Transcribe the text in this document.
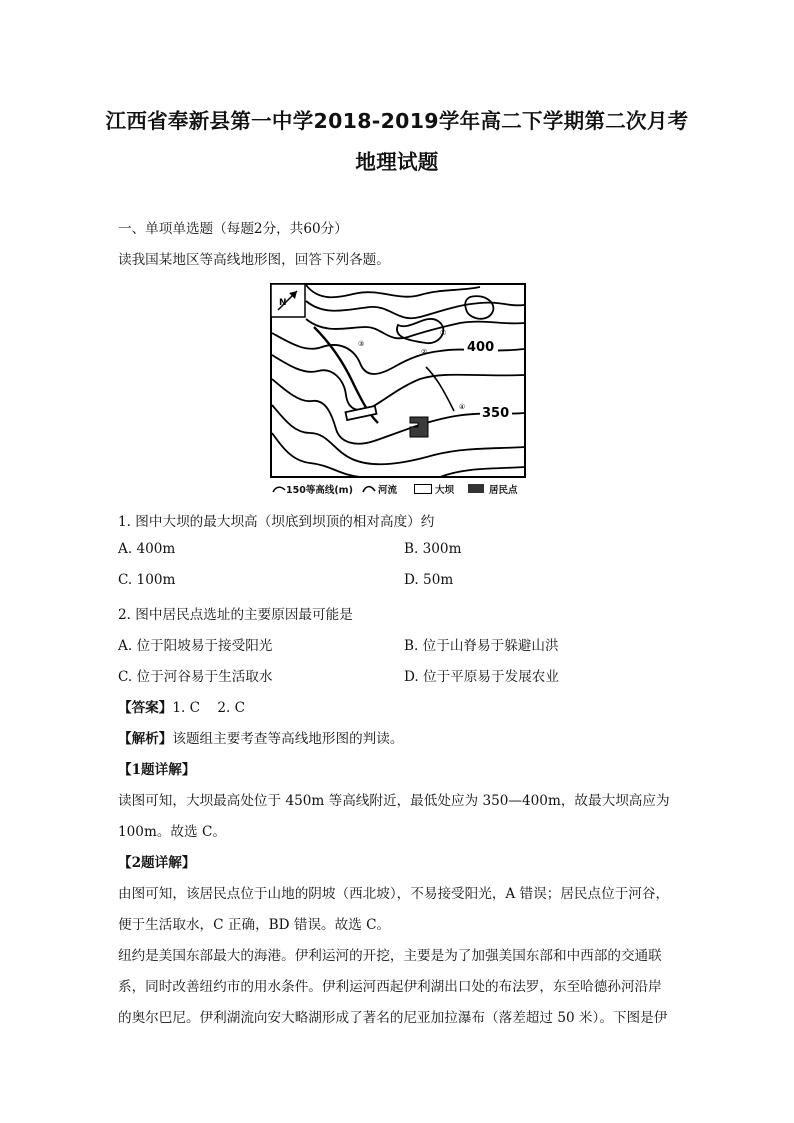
江西省奉新县第一中学2018-2019学年高二下学期第二次月考
地理试题
一、单项单选题（每题2分，共60分）
读我国某地区等高线地形图，回答下列各题。
N
①
②
③
④
400
350
150等高线(m)	河流	大坝	居民点
1. 图中大坝的最大坝高（坝底到坝顶的相对高度）约
A. 400m	B. 300m
C. 100m	D. 50m
2. 图中居民点选址的主要原因最可能是
A. 位于阳坡易于接受阳光	B. 位于山脊易于躲避山洪
C. 位于河谷易于生活取水	D. 位于平原易于发展农业
【答案】1. C    2. C
【解析】该题组主要考查等高线地形图的判读。
【1题详解】
读图可知，大坝最高处位于 450m 等高线附近，最低处应为 350—400m，故最大坝高应为
100m。故选 C。
【2题详解】
由图可知，该居民点位于山地的阴坡（西北坡），不易接受阳光，A 错误；居民点位于河谷，
便于生活取水，C 正确，BD 错误。故选 C。
纽约是美国东部最大的海港。伊利运河的开挖，主要是为了加强美国东部和中西部的交通联
系，同时改善纽约市的用水条件。伊利运河西起伊利湖出口处的布法罗，东至哈德孙河沿岸
的奥尔巴尼。伊利湖流向安大略湖形成了著名的尼亚加拉瀑布（落差超过 50 米）。下图是伊
